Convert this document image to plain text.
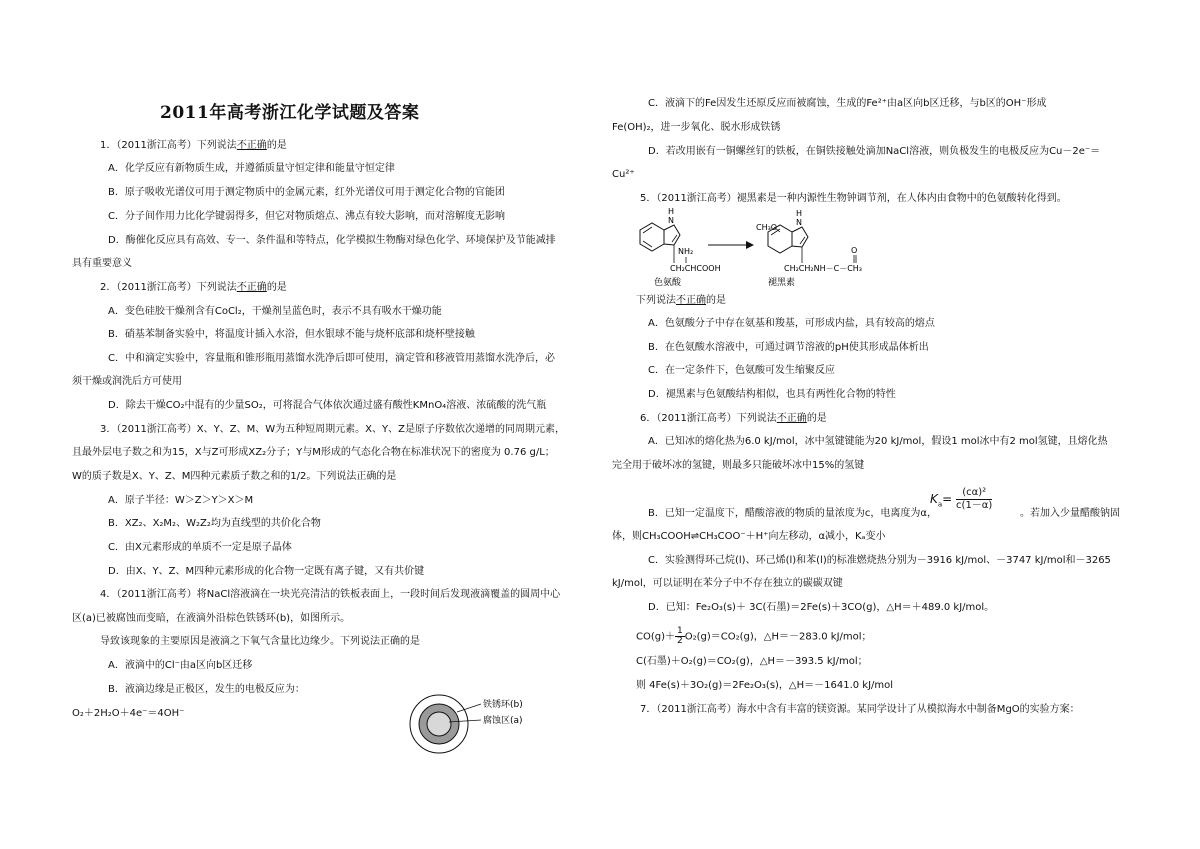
2011年高考浙江化学试题及答案
1．（2011浙江高考）下列说法不正确的是
A．化学反应有新物质生成，并遵循质量守恒定律和能量守恒定律
B．原子吸收光谱仪可用于测定物质中的金属元素，红外光谱仪可用于测定化合物的官能团
C．分子间作用力比化学键弱得多，但它对物质熔点、沸点有较大影响，而对溶解度无影响
D．酶催化反应具有高效、专一、条件温和等特点，化学模拟生物酶对绿色化学、环境保护及节能减排
具有重要意义
2．（2011浙江高考）下列说法不正确的是
A．变色硅胶干燥剂含有CoCl₂，干燥剂呈蓝色时，表示不具有吸水干燥功能
B．硝基苯制备实验中，将温度计插入水浴，但水银球不能与烧杯底部和烧杯壁接触
C．中和滴定实验中，容量瓶和锥形瓶用蒸馏水洗净后即可使用，滴定管和移液管用蒸馏水洗净后，必
须干燥或润洗后方可使用
D．除去干燥CO₂中混有的少量SO₂，可将混合气体依次通过盛有酸性KMnO₄溶液、浓硫酸的洗气瓶
3．（2011浙江高考）X、Y、Z、M、W为五种短周期元素。X、Y、Z是原子序数依次递增的同周期元素，
且最外层电子数之和为15，X与Z可形成XZ₂分子；Y与M形成的气态化合物在标准状况下的密度为 0.76 g/L；
W的质子数是X、Y、Z、M四种元素质子数之和的1/2。下列说法正确的是
A．原子半径：W＞Z＞Y＞X＞M
B．XZ₂、X₂M₂、W₂Z₂均为直线型的共价化合物
C．由X元素形成的单质不一定是原子晶体
D．由X、Y、Z、M四种元素形成的化合物一定既有离子键，又有共价键
4．（2011浙江高考）将NaCl溶液滴在一块光亮清洁的铁板表面上，一段时间后发现液滴覆盖的圆周中心
区(a)已被腐蚀而变暗，在液滴外沿棕色铁锈环(b)，如图所示。
导致该现象的主要原因是液滴之下氧气含量比边缘少。下列说法正确的是
A．液滴中的Cl⁻由a区向b区迁移
B．液滴边缘是正极区，发生的电极反应为：
O₂＋2H₂O＋4e⁻＝4OH⁻
铁锈环(b)
腐蚀区(a)
C．液滴下的Fe因发生还原反应而被腐蚀，生成的Fe²⁺由a区向b区迁移，与b区的OH⁻形成
Fe(OH)₂，进一步氧化、脱水形成铁锈
D．若改用嵌有一铜螺丝钉的铁板，在铜铁接触处滴加NaCl溶液，则负极发生的电极反应为Cu－2e⁻＝
Cu²⁺
5．（2011浙江高考）褪黑素是一种内源性生物钟调节剂，在人体内由食物中的色氨酸转化得到。
下列说法不正确的是
A．色氨酸分子中存在氨基和羧基，可形成内盐，具有较高的熔点
B．在色氨酸水溶液中，可通过调节溶液的pH使其形成晶体析出
C．在一定条件下，色氨酸可发生缩聚反应
D．褪黑素与色氨酸结构相似，也具有两性化合物的特性
6．（2011浙江高考）下列说法不正确的是
A．已知冰的熔化热为6.0 kJ/mol，冰中氢键键能为20 kJ/mol，假设1 mol冰中有2 mol氢键，且熔化热
完全用于破坏冰的氢键，则最多只能破坏冰中15%的氢键
B．已知一定温度下，醋酸溶液的物质的量浓度为c，电离度为α，
$K_a= \frac{\text{(cα)²}}{c(1-\alpha)}$
。若加入少量醋酸钠固
体，则CH₃COOH⇌CH₃COO⁻＋H⁺向左移动，α减小，Kₐ变小
C．实验测得环己烷(l)、环己烯(l)和苯(l)的标准燃烧热分别为－3916 kJ/mol、－3747 kJ/mol和－3265
kJ/mol，可以证明在苯分子中不存在独立的碳碳双键
D．已知：Fe₂O₃(s)＋ 3C(石墨)＝2Fe(s)＋3CO(g)，△H＝＋489.0 kJ/mol。
$CO(g)+ \frac{1}{2} O_2(g)=CO_2(g)$，△H＝－283.0 kJ/mol；
C(石墨)＋O₂(g)＝CO₂(g)，△H＝－393.5 kJ/mol；
则 4Fe(s)＋3O₂(g)＝2Fe₂O₃(s)，△H＝－1641.0 kJ/mol
7．（2011浙江高考）海水中含有丰富的镁资源。某同学设计了从模拟海水中制备MgO的实验方案：
N
H
NH₂
CH₂CHCOOH
色氨酸
CH₃O
N
H
CH₂CH₂NH－C－CH₃
O
褪黑素
